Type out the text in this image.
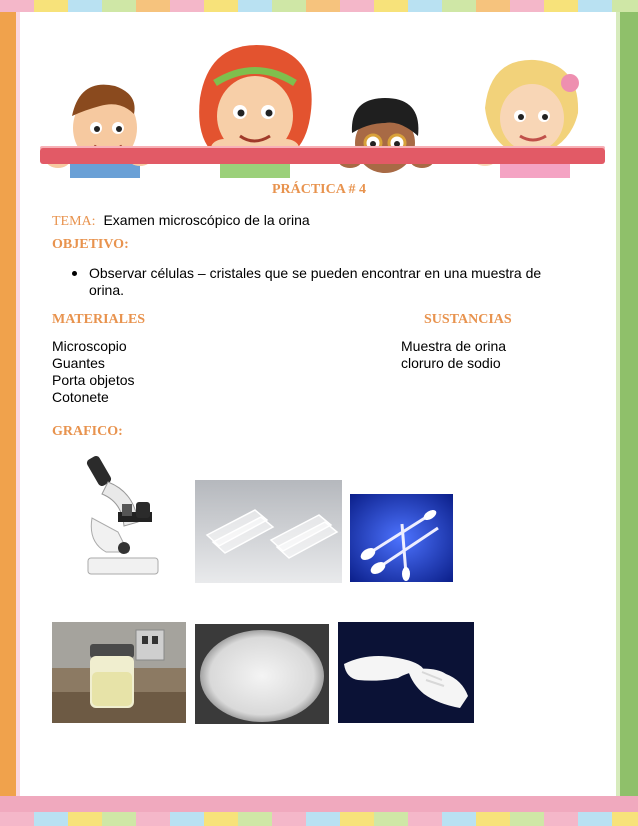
PRÁCTICA # 4
TEMA: Examen microscópico de la orina
OBJETIVO:
Observar células – cristales que se pueden encontrar en una muestra de orina.
MATERIALES	SUSTANCIAS
Microscopio
Guantes
Porta objetos
Cotonete
Muestra de orina
cloruro de sodio
GRAFICO:
